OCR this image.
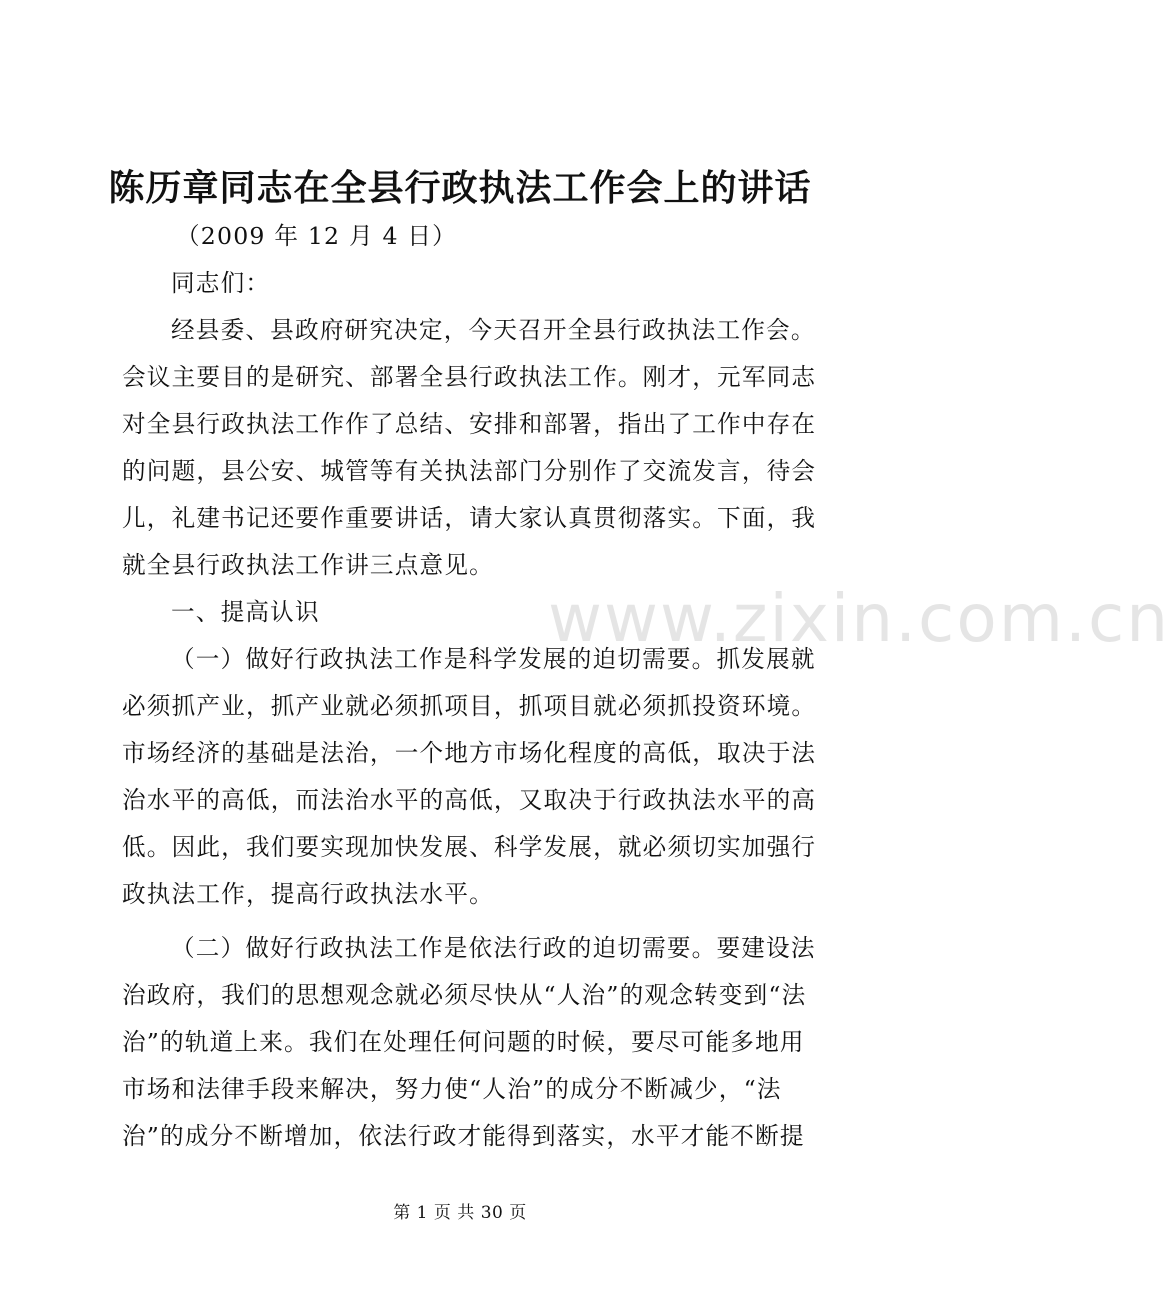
陈历章同志在全县行政执法工作会上的讲话
www.zixin.com.cn
（2009 年 12 月 4 日）
同志们：
经县委、县政府研究决定，今天召开全县行政执法工作会。
会议主要目的是研究、部署全县行政执法工作。刚才，元军同志
对全县行政执法工作作了总结、安排和部署，指出了工作中存在
的问题，县公安、城管等有关执法部门分别作了交流发言，待会
儿，礼建书记还要作重要讲话，请大家认真贯彻落实。下面，我
就全县行政执法工作讲三点意见。
一、提高认识
（一）做好行政执法工作是科学发展的迫切需要。抓发展就
必须抓产业，抓产业就必须抓项目，抓项目就必须抓投资环境。
市场经济的基础是法治，一个地方市场化程度的高低，取决于法
治水平的高低，而法治水平的高低，又取决于行政执法水平的高
低。因此，我们要实现加快发展、科学发展，就必须切实加强行
政执法工作，提高行政执法水平。
（二）做好行政执法工作是依法行政的迫切需要。要建设法
治政府，我们的思想观念就必须尽快从“人治”的观念转变到“法
治”的轨道上来。我们在处理任何问题的时候，要尽可能多地用
市场和法律手段来解决，努力使“人治”的成分不断减少，“法
治”的成分不断增加，依法行政才能得到落实，水平才能不断提
第 1 页 共 30 页
